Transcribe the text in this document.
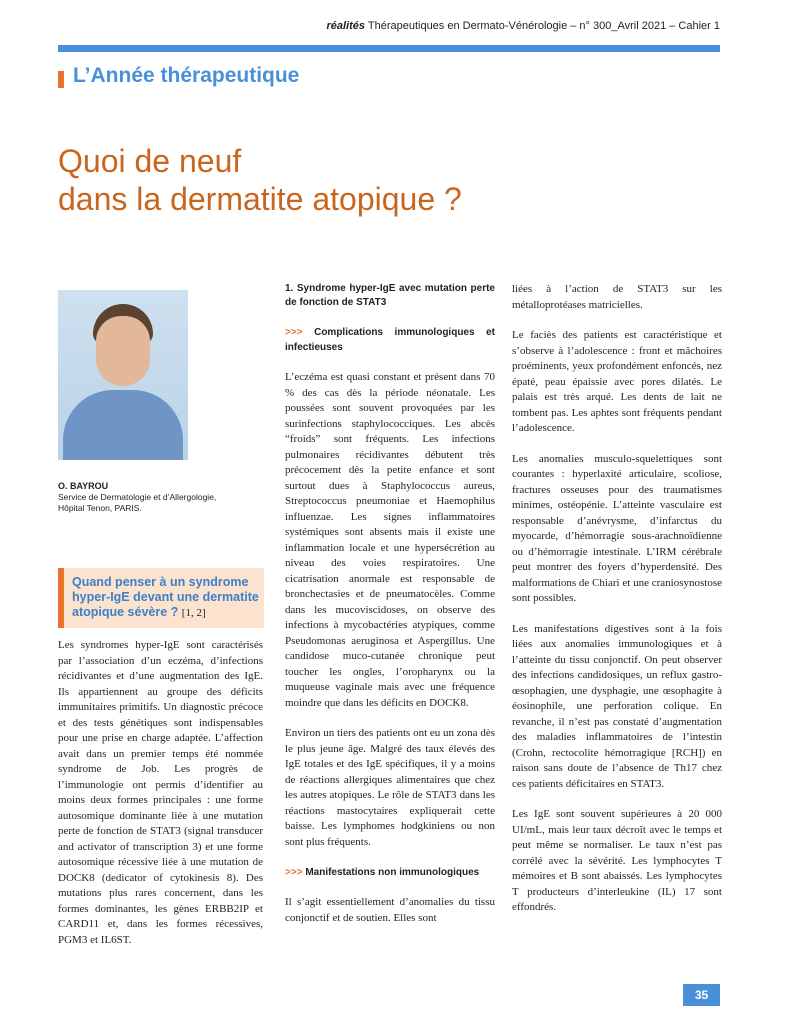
réalités Thérapeutiques en Dermato-Vénérologie – n° 300_Avril 2021 – Cahier 1
L’Année thérapeutique
Quoi de neuf
dans la dermatite atopique ?
O. BAYROU
Service de Dermatologie et d’Allergologie,
Hôpital Tenon, PARIS.

Quand penser à un syndrome hyper-IgE devant une dermatite atopique sévère ? [1, 2]

Les syndromes hyper-IgE sont caractérisés par l’association d’un eczéma, d’infections récidivantes et d’une augmentation des IgE. Ils appartiennent au groupe des déficits immunitaires primitifs. Un diagnostic précoce et des tests génétiques sont indispensables pour une prise en charge adaptée. L’affection avait dans un premier temps été nommée syndrome de Job. Les progrès de l’immunologie ont permis d’identifier au moins deux formes principales : une forme autosomique dominante liée à une mutation perte de fonction de STAT3 (signal transducer and activator of transcription 3) et une forme autosomique récessive liée à une mutation de DOCK8 (dedicator of cytokinesis 8). Des mutations plus rares concernent, dans les formes dominantes, les gènes ERBB2IP et CARD11 et, dans les formes récessives, PGM3 et IL6ST.

1. Syndrome hyper-IgE avec mutation perte de fonction de STAT3

>>> Complications immunologiques et infectieuses

L’eczéma est quasi constant et présent dans 70 % des cas dès la période néonatale. Les poussées sont souvent provoquées par les surinfections staphylococciques. Les abcès “froids” sont fréquents. Les infections pulmonaires récidivantes débutent très précocement dès la petite enfance et sont surtout dues à Staphylococcus aureus, Streptococcus pneumoniae et Haemophilus influenzae. Les signes inflammatoires systémiques sont absents mais il existe une inflammation locale et une hypersécrétion au niveau des voies respiratoires. Une cicatrisation anormale est responsable de bronchectasies et de pneumatocèles. Comme dans les mucoviscidoses, on observe des infections à mycobactéries atypiques, comme Pseudomonas aeruginosa et Aspergillus. Une candidose muco-cutanée chronique peut toucher les ongles, l’oropharynx ou la muqueuse vaginale mais avec une fréquence moindre que dans les déficits en DOCK8.

Environ un tiers des patients ont eu un zona dès le plus jeune âge. Malgré des taux élevés des IgE totales et des IgE spécifiques, il y a moins de réactions allergiques alimentaires que chez les autres atopiques. Le rôle de STAT3 dans les réactions mastocytaires expliquerait cette baisse. Les lymphomes hodgkiniens ou non sont plus fréquents.

>>> Manifestations non immunologiques

Il s’agit essentiellement d’anomalies du tissu conjonctif et de soutien. Elles sont

liées à l’action de STAT3 sur les métalloprotéases matricielles.

Le faciès des patients est caractéristique et s’observe à l’adolescence : front et mâchoires proéminents, yeux profondément enfoncés, nez épaté, peau épaissie avec pores dilatés. Le palais est très arqué. Les dents de lait ne tombent pas. Les aphtes sont fréquents pendant l’adolescence.

Les anomalies musculo-squelettiques sont courantes : hyperlaxité articulaire, scoliose, fractures osseuses pour des traumatismes minimes, ostéopénie. L’atteinte vasculaire est responsable d’anévrysme, d’infarctus du myocarde, d’hémorragie sous-arachnoïdienne ou d’hémorragie intestinale. L’IRM cérébrale peut montrer des foyers d’hyperdensité. Des malformations de Chiari et une craniosynostose sont possibles.

Les manifestations digestives sont à la fois liées aux anomalies immunologiques et à l’atteinte du tissu conjonctif. On peut observer des infections candidosiques, un reflux gastro-œsophagien, une dysphagie, une œsophagite à éosinophile, une perforation colique. En revanche, il n’est pas constaté d’augmentation des maladies inflammatoires de l’intestin (Crohn, rectocolite hémorragique [RCH]) en raison sans doute de l’absence de Th17 chez ces patients déficitaires en STAT3.

Les IgE sont souvent supérieures à 20 000 UI/mL, mais leur taux décroît avec le temps et peut même se normaliser. Le taux n’est pas corrélé avec la sévérité. Les lymphocytes T mémoires et B sont abaissés. Les lymphocytes T producteurs d’interleukine (IL) 17 sont effondrés.

35
